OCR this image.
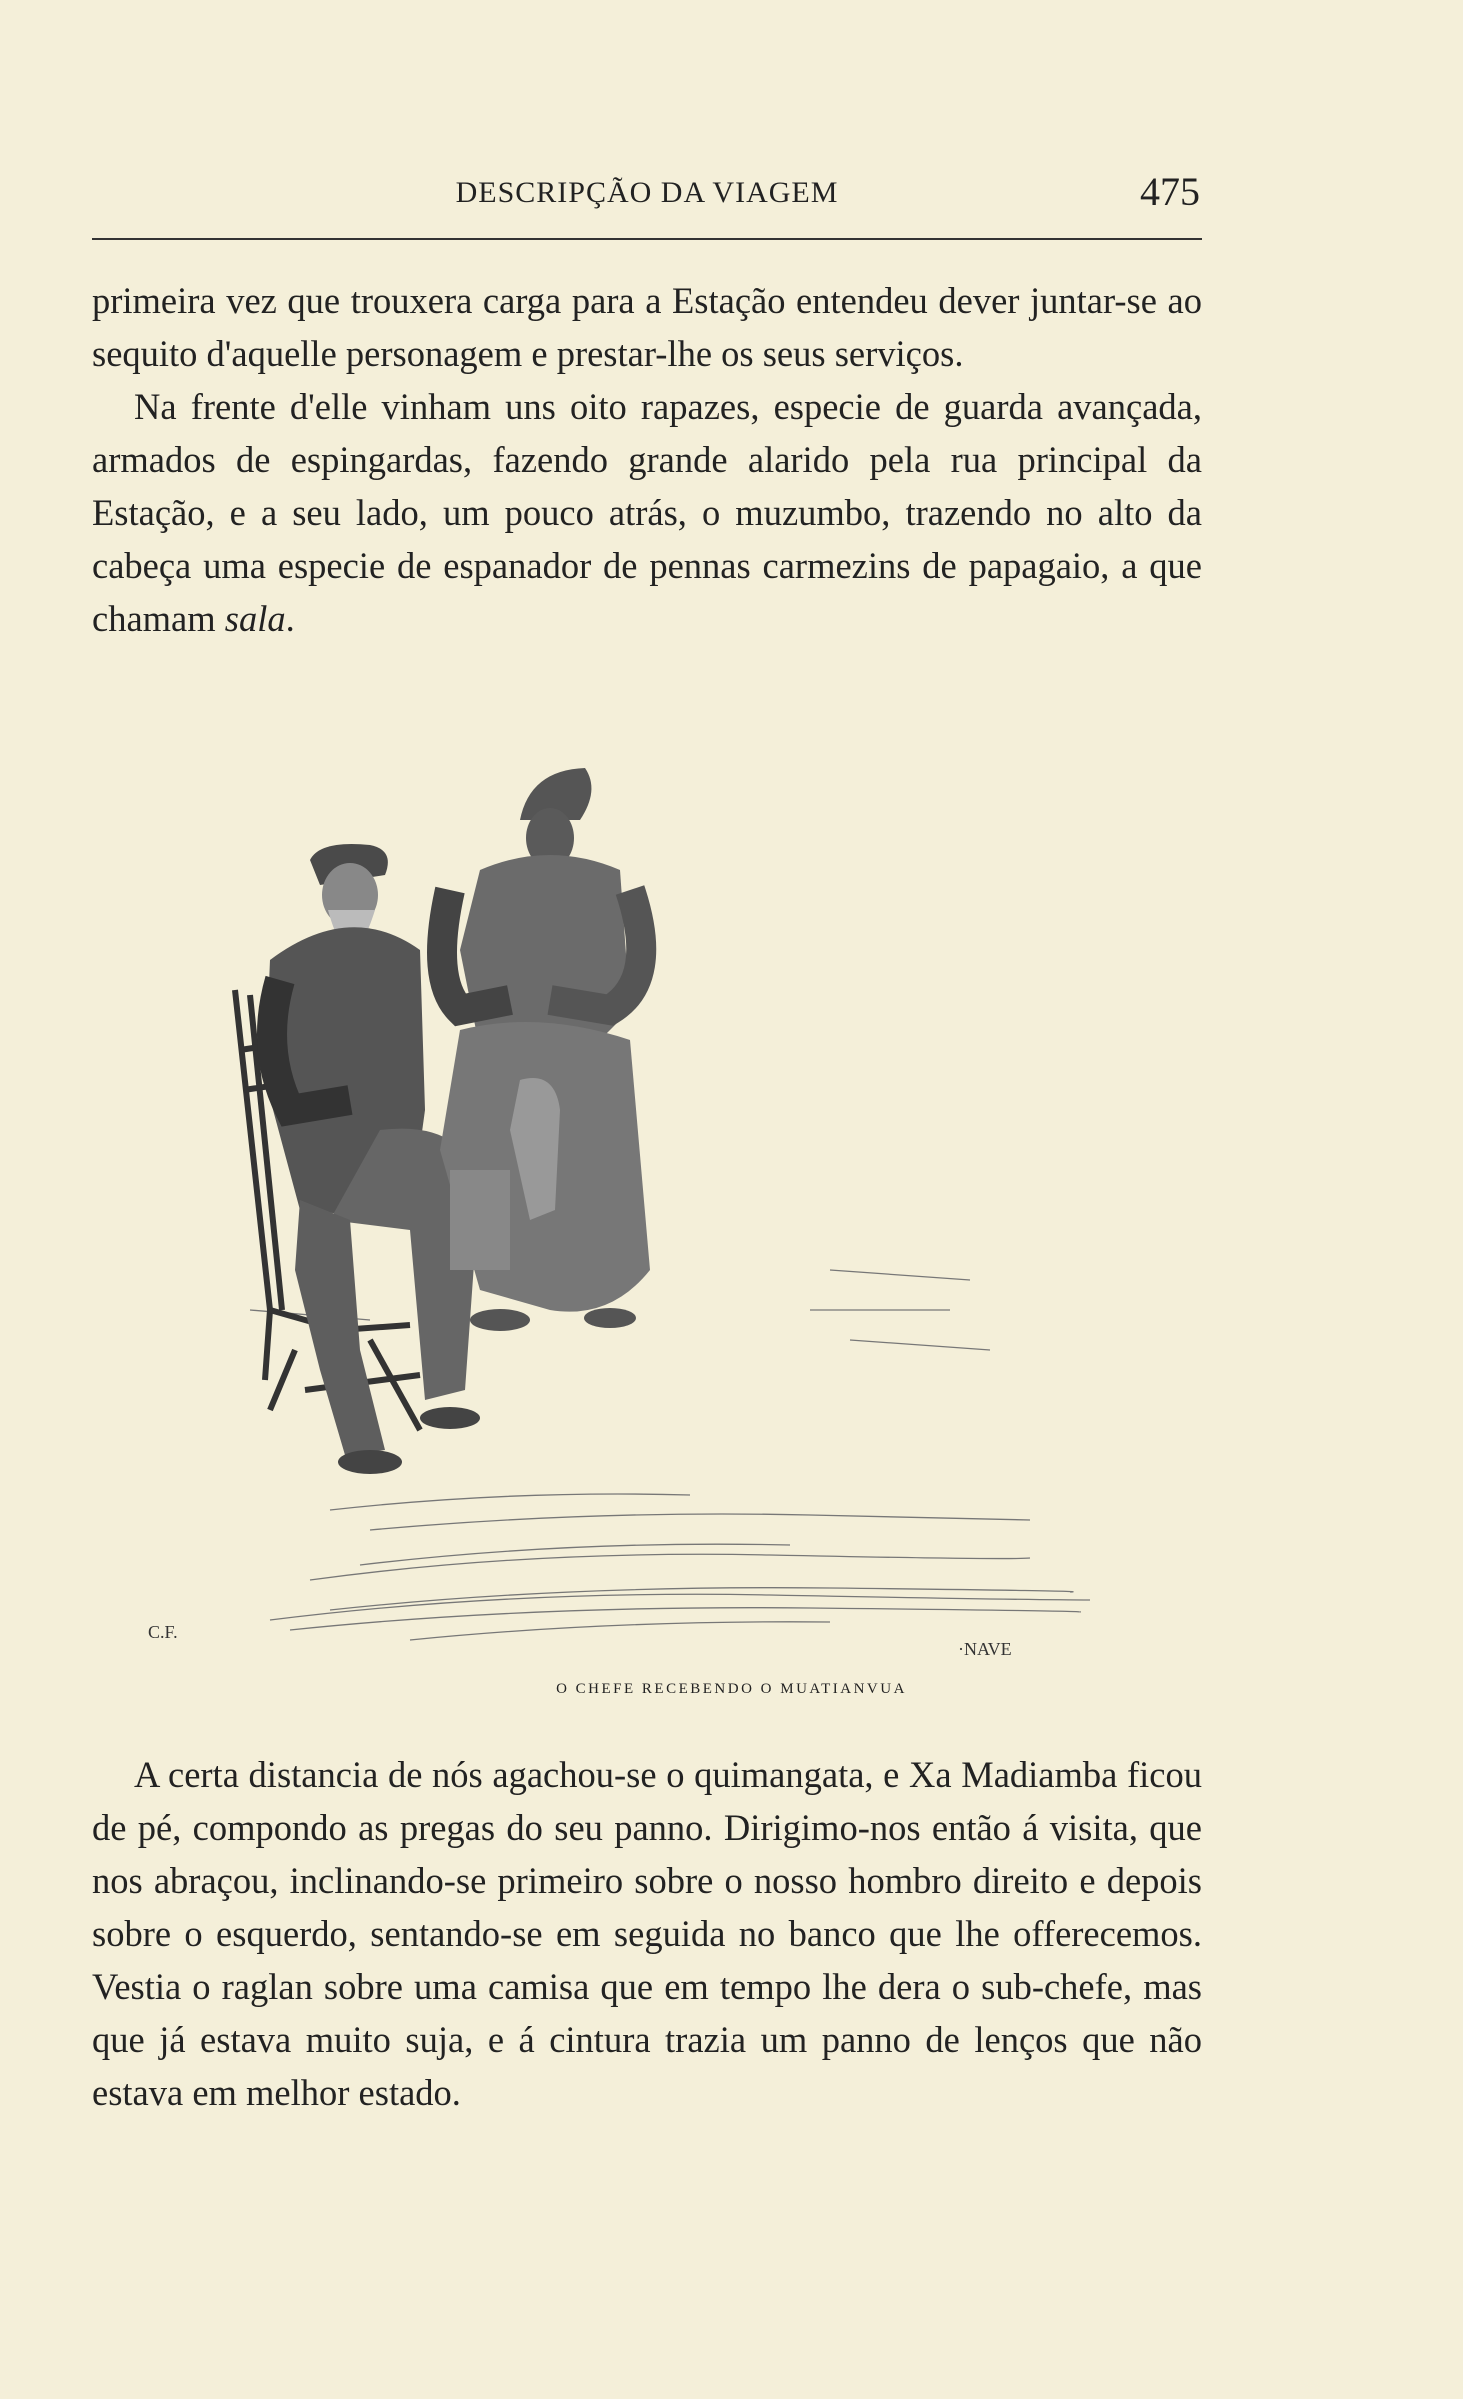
DESCRIPÇÃO DA VIAGEM	475

primeira vez que trouxera carga para a Estação entendeu dever juntar-se ao sequito d'aquelle personagem e prestar-lhe os seus serviços.

Na frente d'elle vinham uns oito rapazes, especie de guarda avançada, armados de espingardas, fazendo grande alarido pela rua principal da Estação, e a seu lado, um pouco atrás, o muzumbo, trazendo no alto da cabeça uma especie de espanador de pennas carmezins de papagaio, a que chamam sala.

C.F.
·NAVE
O CHEFE RECEBENDO O MUATIANVUA

A certa distancia de nós agachou-se o quimangata, e Xa Madiamba ficou de pé, compondo as pregas do seu panno. Dirigimo-nos então á visita, que nos abraçou, inclinando-se primeiro sobre o nosso hombro direito e depois sobre o esquerdo, sentando-se em seguida no banco que lhe offerecemos. Vestia o raglan sobre uma camisa que em tempo lhe dera o sub-chefe, mas que já estava muito suja, e á cintura trazia um panno de lenços que não estava em melhor estado.
